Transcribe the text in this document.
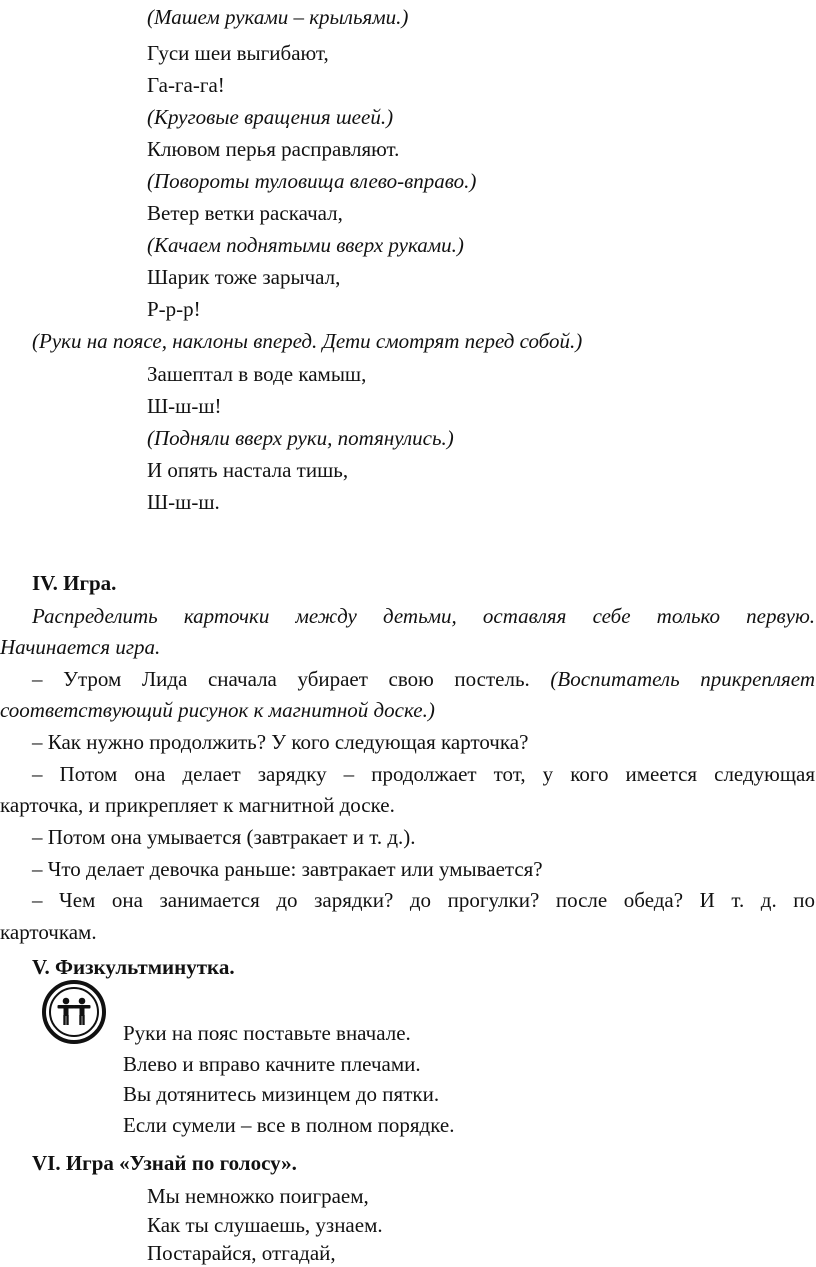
(Машем руками – крыльями.)
Гуси шеи выгибают,
Га-га-га!
(Круговые вращения шеей.)
Клювом перья расправляют.
(Повороты туловища влево-вправо.)
Ветер ветки раскачал,
(Качаем поднятыми вверх руками.)
Шарик тоже зарычал,
Р-р-р!
(Руки на поясе, наклоны вперед. Дети смотрят перед собой.)
Зашептал в воде камыш,
Ш-ш-ш!
(Подняли вверх руки, потянулись.)
И опять настала тишь,
Ш-ш-ш.
IV. Игра.
Распределить карточки между детьми, оставляя себе только первую.
Начинается игра.
– Утром Лида сначала убирает свою постель. (Воспитатель прикрепляет
соответствующий рисунок к магнитной доске.)
– Как нужно продолжить? У кого следующая карточка?
– Потом она делает зарядку – продолжает тот, у кого имеется следующая
карточка, и прикрепляет к магнитной доске.
– Потом она умывается (завтракает и т. д.).
– Что делает девочка раньше: завтракает или умывается?
– Чем она занимается до зарядки? до прогулки? после обеда? И т. д. по
карточкам.
V. Физкультминутка.
Руки на пояс поставьте вначале.
Влево и вправо качните плечами.
Вы дотянитесь мизинцем до пятки.
Если сумели – все в полном порядке.
VI. Игра «Узнай по голосу».
Мы немножко поиграем,
Как ты слушаешь, узнаем.
Постарайся, отгадай,
